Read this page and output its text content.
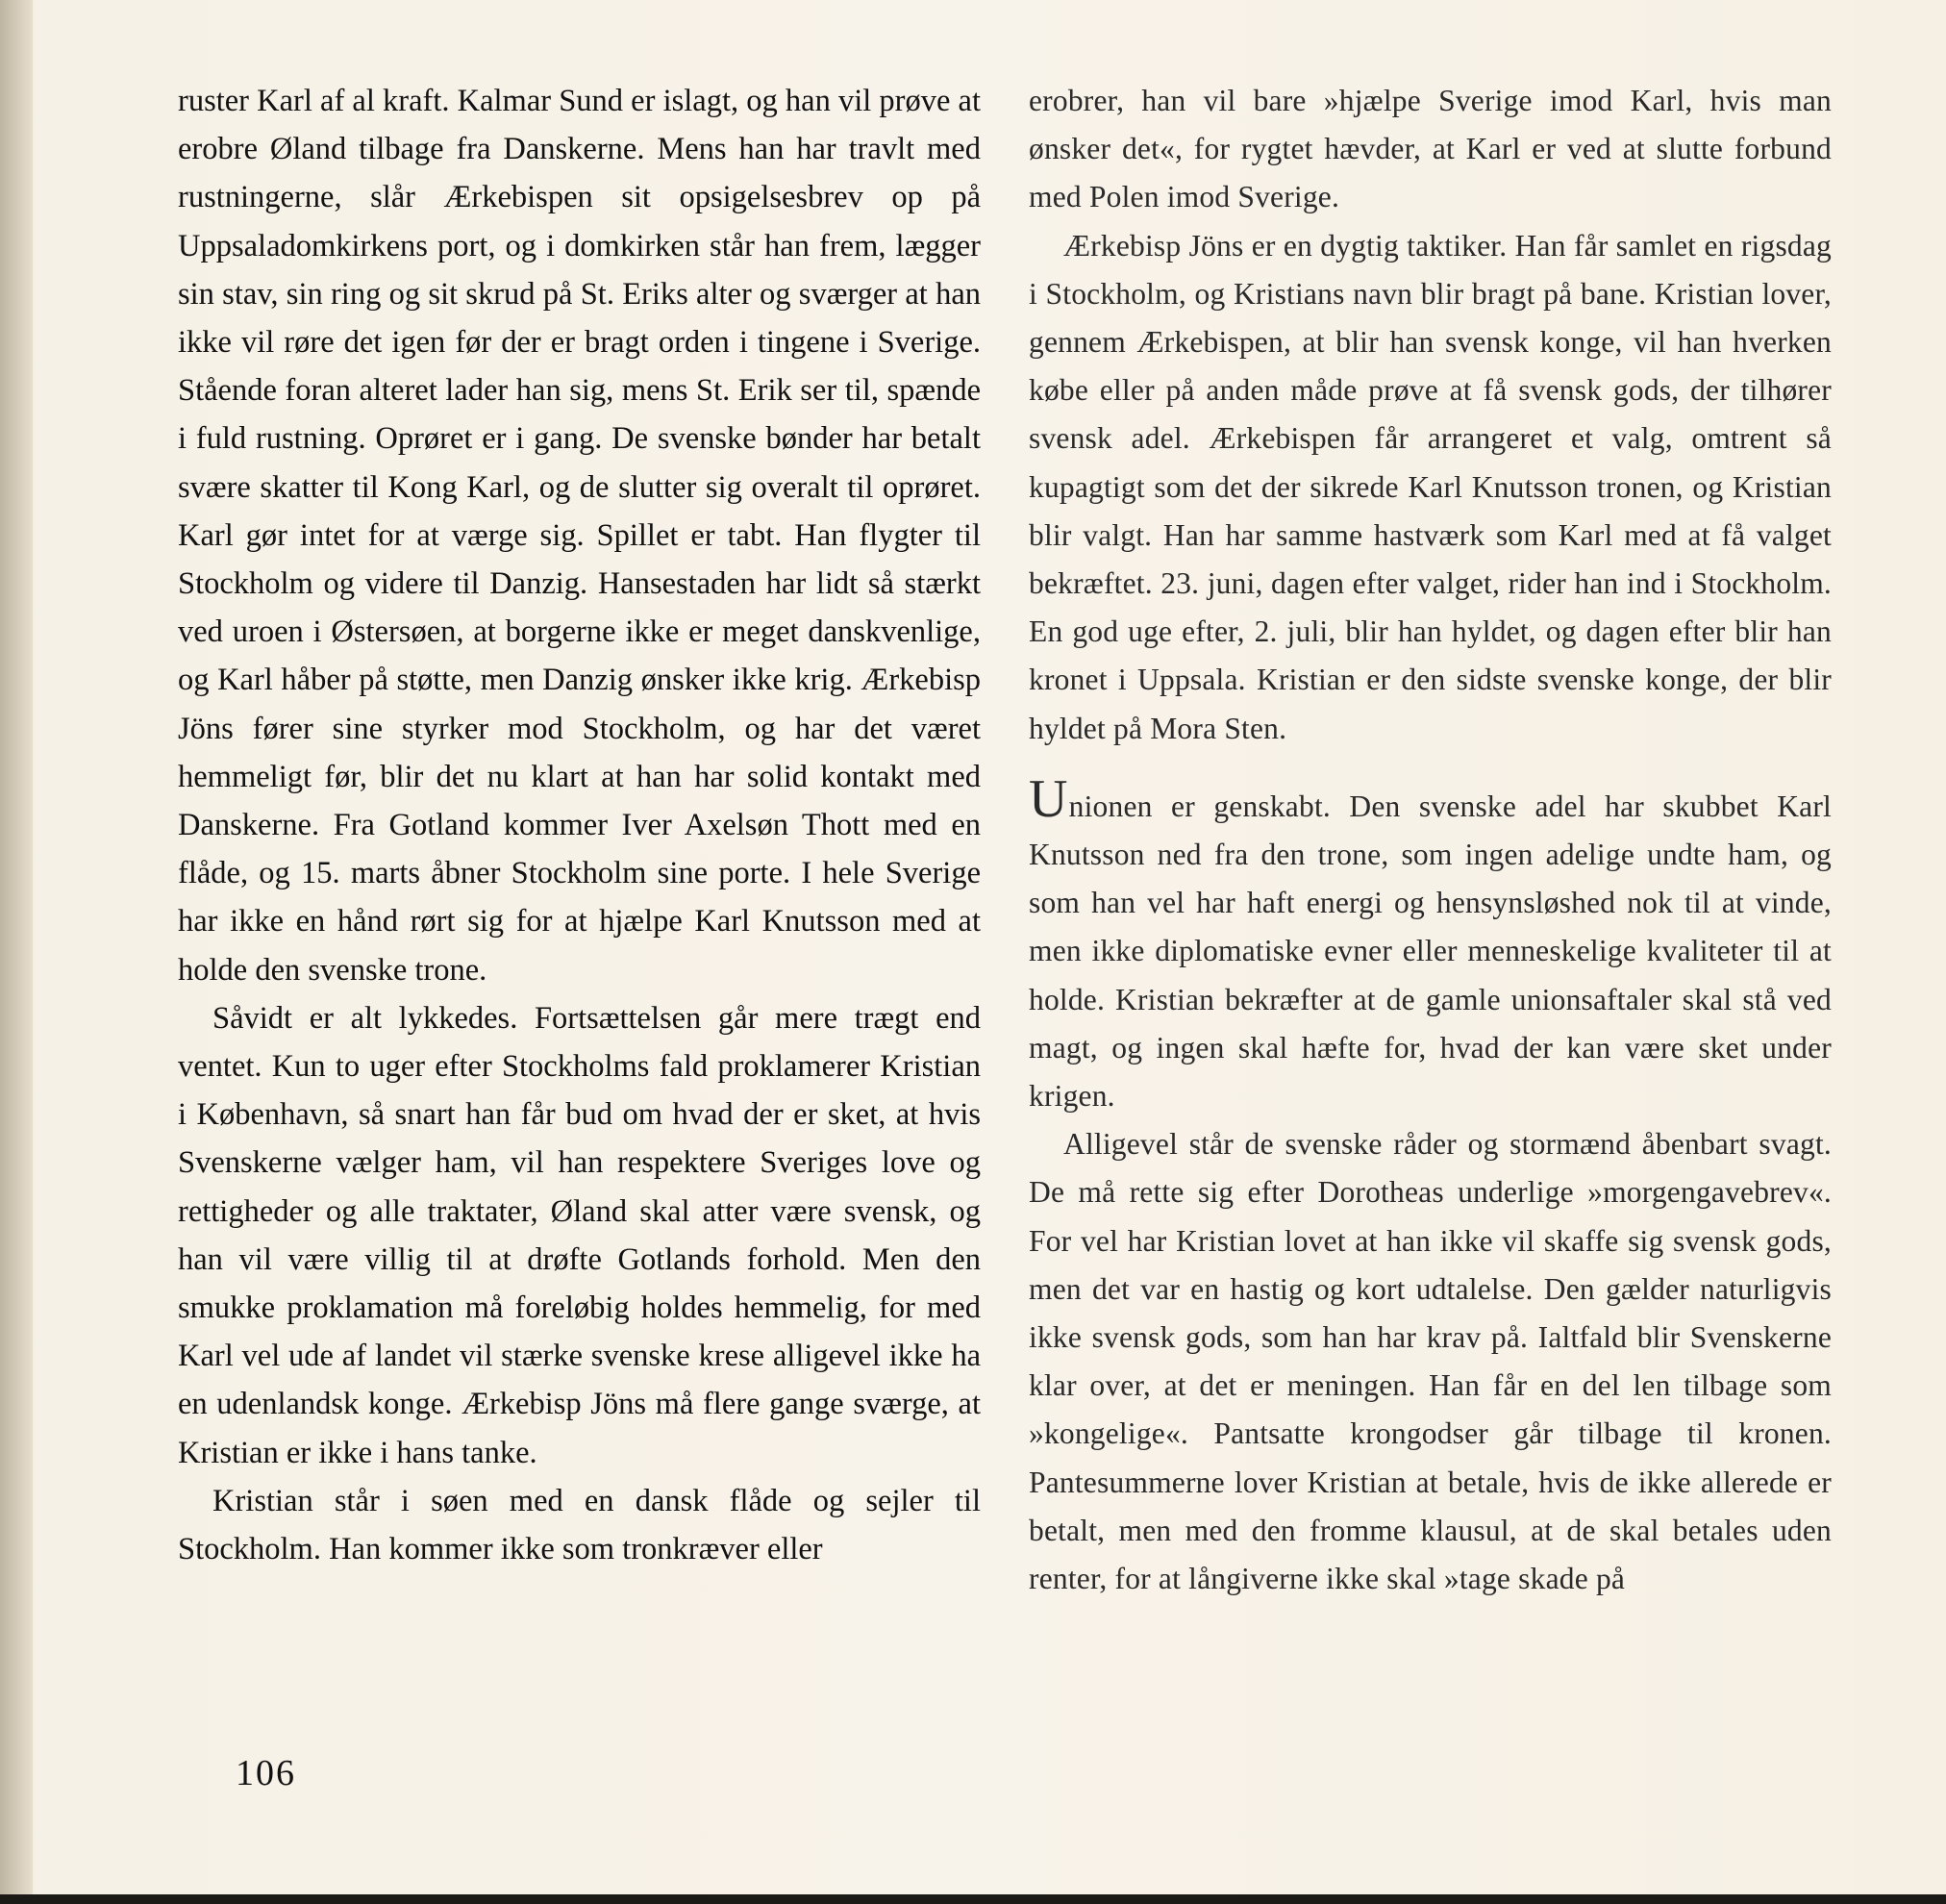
ruster Karl af al kraft. Kalmar Sund er islagt, og han vil prøve at erobre Øland tilbage fra Danskerne. Mens han har travlt med rustningerne, slår Ærkebispen sit opsigelsesbrev op på Uppsaladomkirkens port, og i domkirken står han frem, lægger sin stav, sin ring og sit skrud på St. Eriks alter og sværger at han ikke vil røre det igen før der er bragt orden i tingene i Sverige. Stående foran alteret lader han sig, mens St. Erik ser til, spænde i fuld rustning. Oprøret er i gang. De svenske bønder har betalt svære skatter til Kong Karl, og de slutter sig overalt til oprøret. Karl gør intet for at værge sig. Spillet er tabt. Han flygter til Stockholm og videre til Danzig. Hansestaden har lidt så stærkt ved uroen i Østersøen, at borgerne ikke er meget danskvenlige, og Karl håber på støtte, men Danzig ønsker ikke krig. Ærkebisp Jöns fører sine styrker mod Stockholm, og har det været hemmeligt før, blir det nu klart at han har solid kontakt med Danskerne. Fra Gotland kommer Iver Axelsøn Thott med en flåde, og 15. marts åbner Stockholm sine porte. I hele Sverige har ikke en hånd rørt sig for at hjælpe Karl Knutsson med at holde den svenske trone.

Såvidt er alt lykkedes. Fortsættelsen går mere trægt end ventet. Kun to uger efter Stockholms fald proklamerer Kristian i København, så snart han får bud om hvad der er sket, at hvis Svenskerne vælger ham, vil han respektere Sveriges love og rettigheder og alle traktater, Øland skal atter være svensk, og han vil være villig til at drøfte Gotlands forhold. Men den smukke proklamation må foreløbig holdes hemmelig, for med Karl vel ude af landet vil stærke svenske krese alligevel ikke ha en udenlandsk konge. Ærkebisp Jöns må flere gange sværge, at Kristian er ikke i hans tanke.

Kristian står i søen med en dansk flåde og sejler til Stockholm. Han kommer ikke som tronkræver eller

erobrer, han vil bare »hjælpe Sverige imod Karl, hvis man ønsker det«, for rygtet hævder, at Karl er ved at slutte forbund med Polen imod Sverige.

Ærkebisp Jöns er en dygtig taktiker. Han får samlet en rigsdag i Stockholm, og Kristians navn blir bragt på bane. Kristian lover, gennem Ærkebispen, at blir han svensk konge, vil han hverken købe eller på anden måde prøve at få svensk gods, der tilhører svensk adel. Ærkebispen får arrangeret et valg, omtrent så kupagtigt som det der sikrede Karl Knutsson tronen, og Kristian blir valgt. Han har samme hastværk som Karl med at få valget bekræftet. 23. juni, dagen efter valget, rider han ind i Stockholm. En god uge efter, 2. juli, blir han hyldet, og dagen efter blir han kronet i Uppsala. Kristian er den sidste svenske konge, der blir hyldet på Mora Sten.

Unionen er genskabt. Den svenske adel har skubbet Karl Knutsson ned fra den trone, som ingen adelige undte ham, og som han vel har haft energi og hensynsløshed nok til at vinde, men ikke diplomatiske evner eller menneskelige kvaliteter til at holde. Kristian bekræfter at de gamle unionsaftaler skal stå ved magt, og ingen skal hæfte for, hvad der kan være sket under krigen.

Alligevel står de svenske råder og stormænd åbenbart svagt. De må rette sig efter Dorotheas underlige »morgengavebrev«. For vel har Kristian lovet at han ikke vil skaffe sig svensk gods, men det var en hastig og kort udtalelse. Den gælder naturligvis ikke svensk gods, som han har krav på. Ialtfald blir Svenskerne klar over, at det er meningen. Han får en del len tilbage som »kongelige«. Pantsatte krongodser går tilbage til kronen. Pantesummerne lover Kristian at betale, hvis de ikke allerede er betalt, men med den fromme klausul, at de skal betales uden renter, for at långiverne ikke skal »tage skade på

106
